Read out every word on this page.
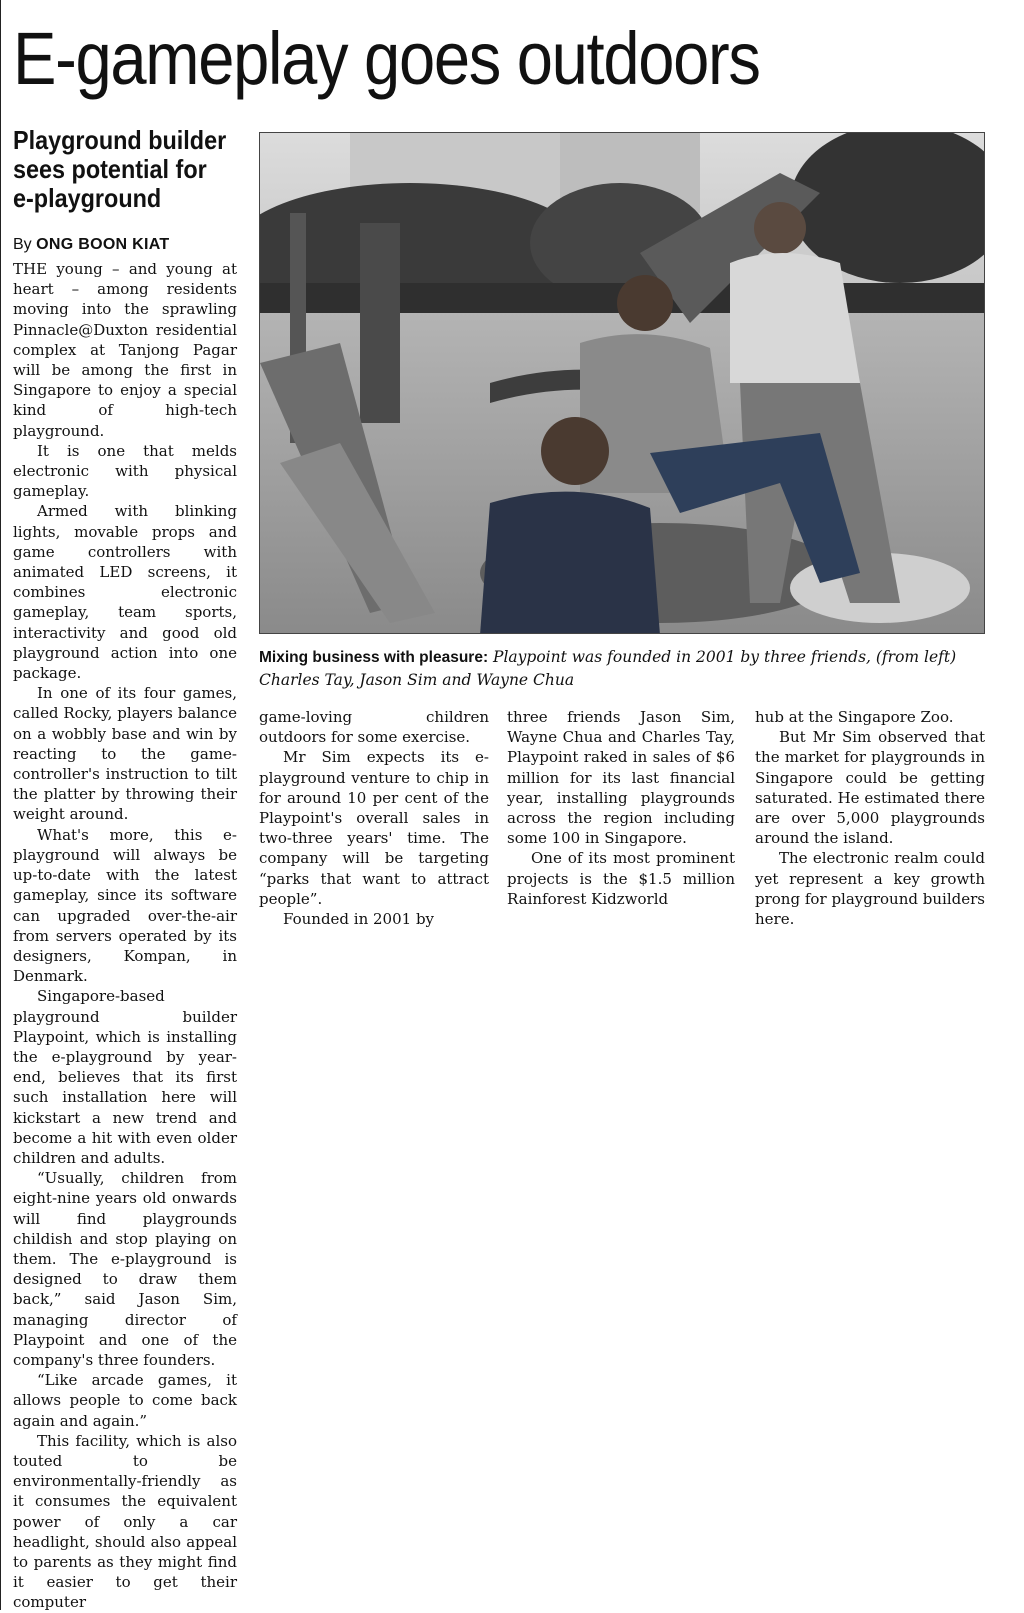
E-gameplay goes outdoors
Playground builder sees potential for e-playground

By ONG BOON KIAT

THE young – and young at heart – among residents moving into the sprawling Pinnacle@Duxton residential complex at Tanjong Pagar will be among the first in Singapore to enjoy a special kind of high-tech playground.

It is one that melds electronic with physical gameplay.

Armed with blinking lights, movable props and game controllers with animated LED screens, it combines electronic gameplay, team sports, interactivity and good old playground action into one package.

In one of its four games, called Rocky, players balance on a wobbly base and win by reacting to the game-controller's instruction to tilt the platter by throwing their weight around.

What's more, this e-playground will always be up-to-date with the latest gameplay, since its software can upgraded over-the-air from servers operated by its designers, Kompan, in Denmark.

Singapore-based playground builder Playpoint, which is installing the e-playground by year-end, believes that its first such installation here will kickstart a new trend and become a hit with even older children and adults.

“Usually, children from eight-nine years old onwards will find playgrounds childish and stop playing on them. The e-playground is designed to draw them back,” said Jason Sim, managing director of Playpoint and one of the company's three founders.

“Like arcade games, it allows people to come back again and again.”

This facility, which is also touted to be environmentally-friendly as it consumes the equivalent power of only a car headlight, should also appeal to parents as they might find it easier to get their computer

Mixing business with pleasure: Playpoint was founded in 2001 by three friends, (from left) Charles Tay, Jason Sim and Wayne Chua

game-loving children outdoors for some exercise.

Mr Sim expects its e-playground venture to chip in for around 10 per cent of the Playpoint's overall sales in two-three years' time. The company will be targeting “parks that want to attract people”.

Founded in 2001 by

three friends Jason Sim, Wayne Chua and Charles Tay, Playpoint raked in sales of $6 million for its last financial year, installing playgrounds across the region including some 100 in Singapore.

One of its most prominent projects is the $1.5 million Rainforest Kidzworld

hub at the Singapore Zoo.

But Mr Sim observed that the market for playgrounds in Singapore could be getting saturated. He estimated there are over 5,000 playgrounds around the island.

The electronic realm could yet represent a key growth prong for playground builders here.
